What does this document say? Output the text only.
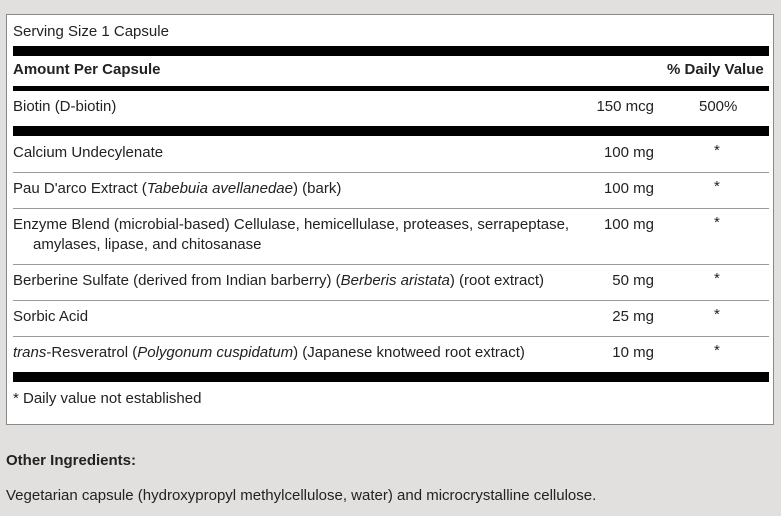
Serving Size 1 Capsule
Amount Per Capsule	% Daily Value
Biotin (D-biotin)	150 mcg	500%
Calcium Undecylenate	100 mg	*
Pau D'arco Extract (Tabebuia avellanedae) (bark)	100 mg	*
Enzyme Blend (microbial-based) Cellulase, hemicellulase, proteases, serrapeptase,
amylases, lipase, and chitosanase
100 mg	*
Berberine Sulfate (derived from Indian barberry) (Berberis aristata) (root extract)	50 mg	*
Sorbic Acid	25 mg	*
trans-Resveratrol (Polygonum cuspidatum) (Japanese knotweed root extract)	10 mg	*
* Daily value not established
Other Ingredients:
Vegetarian capsule (hydroxypropyl methylcellulose, water) and microcrystalline cellulose.
